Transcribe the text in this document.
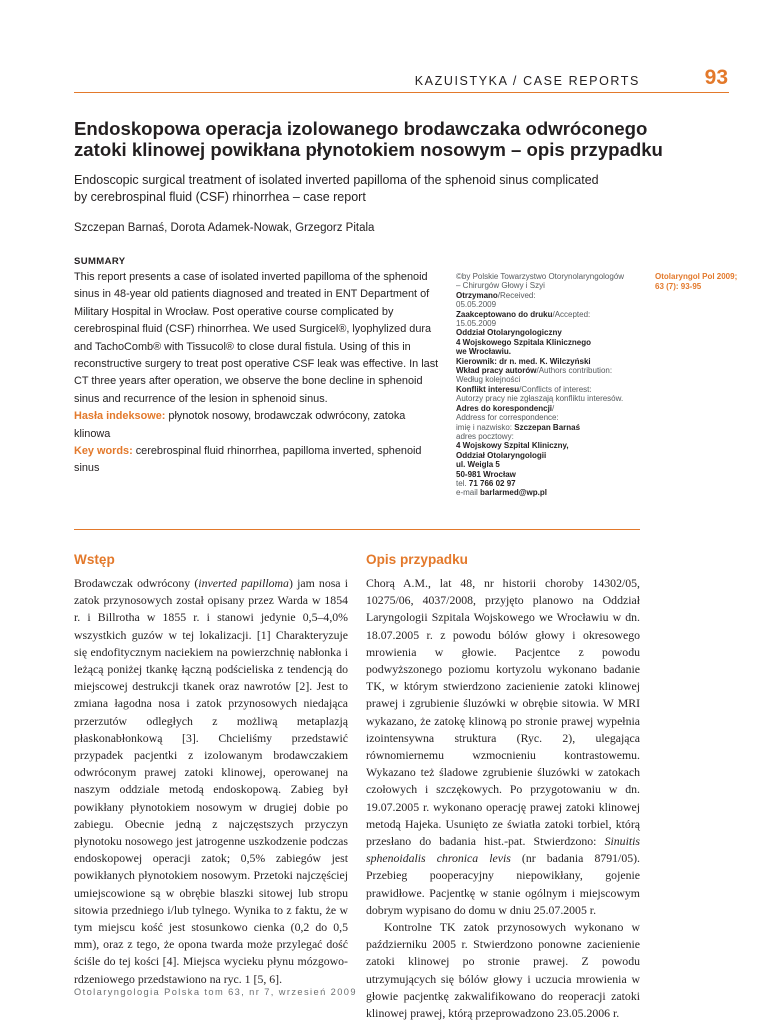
KAZUISTYKA / CASE REPORTS	93
Endoskopowa operacja izolowanego brodawczaka odwróconego
zatoki klinowej powikłana płynotokiem nosowym – opis przypadku
Endoscopic surgical treatment of isolated inverted papilloma of the sphenoid sinus complicated
by cerebrospinal fluid (CSF) rhinorrhea – case report
Szczepan Barnaś, Dorota Adamek-Nowak, Grzegorz Pitala
SUMMARY

This report presents a case of isolated inverted papilloma of the sphenoid sinus in 48-year old patients diagnosed and treated in ENT Department of Military Hospital in Wrocław. Post operative course complicated by cerebrospinal fluid (CSF) rhinorrhea. We used Surgicel®, lyophylized dura and TachoComb® with Tissucol® to close dural fistula. Using of this in reconstructive surgery to treat post operative CSF leak was effective. In last CT three years after operation, we observe the bone decline in sphenoid sinus and recurrence of the lesion in sphenoid sinus.

Hasła indeksowe: płynotok nosowy, brodawczak odwrócony, zatoka klinowa

Key words: cerebrospinal fluid rhinorrhea, papilloma inverted, sphenoid sinus

©by Polskie Towarzystwo Otorynolaryngologów
– Chirurgów Głowy i Szyi
Otrzymano/Received:
05.05.2009
Zaakceptowano do druku/Accepted:
15.05.2009
Oddział Otolaryngologiczny
4 Wojskowego Szpitala Klinicznego
we Wrocławiu.
Kierownik: dr n. med. K. Wilczyński
Wkład pracy autorów/Authors contribution:
Według kolejności
Konflikt interesu/Conflicts of interest:
Autorzy pracy nie zgłaszają konfliktu interesów.
Adres do korespondencji/
Address for correspondence:
imię i nazwisko: Szczepan Barnaś
adres pocztowy:
4 Wojskowy Szpital Kliniczny,
Oddział Otolaryngologii
ul. Weigla 5
50-981 Wrocław
tel. 71 766 02 97
e-mail barlarmed@wp.pl
Otolaryngol Pol 2009;
63 (7): 93-95
Wstęp

Brodawczak odwrócony (inverted papilloma) jam nosa i zatok przynosowych został opisany przez Warda w 1854 r. i Billrotha w 1855 r. i stanowi jedynie 0,5–4,0% wszystkich guzów w tej lokalizacji. [1] Charakteryzuje się endofitycznym naciekiem na powierzchnię nabłonka i leżącą poniżej tkankę łączną podścieliska z tendencją do miejscowej destrukcji tkanek oraz nawrotów [2]. Jest to zmiana łagodna nosa i zatok przynosowych niedająca przerzutów odległych z możliwą metaplazją płaskonabłonkową [3]. Chcieliśmy przedstawić przypadek pacjentki z izolowanym brodawczakiem odwróconym prawej zatoki klinowej, operowanej na naszym oddziale metodą endoskopową. Zabieg był powikłany płynotokiem nosowym w drugiej dobie po zabiegu. Obecnie jedną z najczęstszych przyczyn płynotoku nosowego jest jatrogenne uszkodzenie podczas endoskopowej operacji zatok; 0,5% zabiegów jest powikłanych płynotokiem nosowym. Przetoki najczęściej umiejscowione są w obrębie blaszki sitowej lub stropu sitowia przedniego i/lub tylnego. Wynika to z faktu, że w tym miejscu kość jest stosunkowo cienka (0,2 do 0,5 mm), oraz z tego, że opona twarda może przylegać dość ściśle do tej kości [4]. Miejsca wycieku płynu mózgowo-rdzeniowego przedstawiono na ryc. 1 [5, 6].

Opis przypadku

Chorą A.M., lat 48, nr historii choroby 14302/05, 10275/06, 4037/2008, przyjęto planowo na Oddział Laryngologii Szpitala Wojskowego we Wrocławiu w dn. 18.07.2005 r. z powodu bólów głowy i okresowego mrowienia w głowie. Pacjentce z powodu podwyższonego poziomu kortyzolu wykonano badanie TK, w którym stwierdzono zacienienie zatoki klinowej prawej i zgrubienie śluzówki w obrębie sitowia. W MRI wykazano, że zatokę klinową po stronie prawej wypełnia izointensywna struktura (Ryc. 2), ulegająca równomiernemu wzmocnieniu kontrastowemu. Wykazano też śladowe zgrubienie śluzówki w zatokach czołowych i szczękowych. Po przygotowaniu w dn. 19.07.2005 r. wykonano operację prawej zatoki klinowej metodą Hajeka. Usunięto ze światła zatoki torbiel, którą przesłano do badania hist.-pat. Stwierdzono: Sinuitis sphenoidalis chronica levis (nr badania 8791/05). Przebieg pooperacyjny niepowikłany, gojenie prawidłowe. Pacjentkę w stanie ogólnym i miejscowym dobrym wypisano do domu w dniu 25.07.2005 r.

Kontrolne TK zatok przynosowych wykonano w październiku 2005 r. Stwierdzono ponowne zacienienie zatoki klinowej po stronie prawej. Z powodu utrzymujących się bólów głowy i uczucia mrowienia w głowie pacjentkę zakwalifikowano do reoperacji zatoki klinowej prawej, którą przeprowadzono 23.05.2006 r.

Otolaryngologia Polska tom 63, nr 7, wrzesień 2009
